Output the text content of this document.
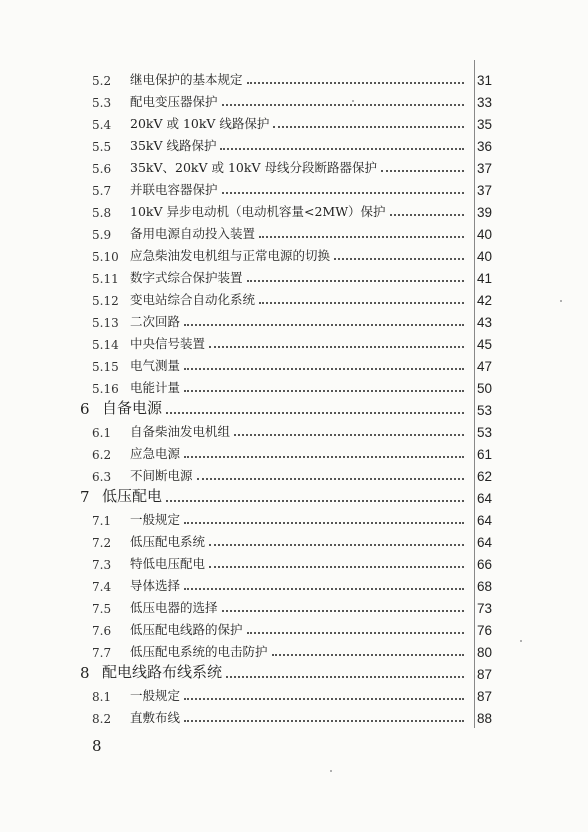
5.2	继电保护的基本规定	31
5.3	配电变压器保护	33
5.4	20kV 或 10kV 线路保护	35
5.5	35kV 线路保护	36
5.6	35kV、20kV 或 10kV 母线分段断路器保护	37
5.7	并联电容器保护	37
5.8	10kV 异步电动机（电动机容量<2MW）保护	39
5.9	备用电源自动投入装置	40
5.10 应急柴油发电机组与正常电源的切换	40
5.11 数字式综合保护装置	41
5.12 变电站综合自动化系统	42
5.13 二次回路	43
5.14 中央信号装置	45
5.15 电气测量	47
5.16 电能计量	50
6 自备电源	53
6.1	自备柴油发电机组	53
6.2	应急电源	61
6.3	不间断电源	62
7 低压配电	64
7.1	一般规定	64
7.2	低压配电系统	64
7.3	特低电压配电	66
7.4	导体选择	68
7.5	低压电器的选择	73
7.6	低压配电线路的保护	76
7.7	低压配电系统的电击防护	80
8 配电线路布线系统	87
8.1	一般规定	87
8.2	直敷布线	88
8
